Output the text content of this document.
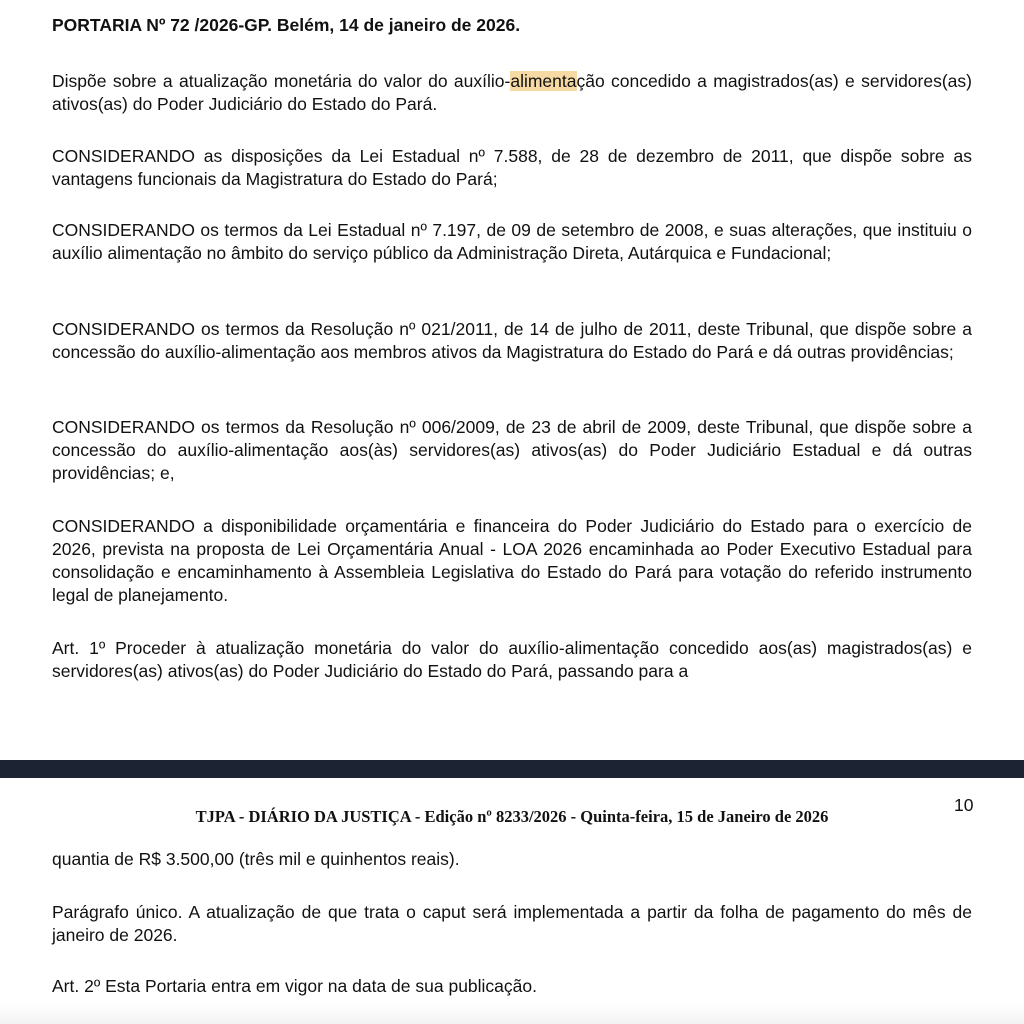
PORTARIA Nº 72 /2026-GP. Belém, 14 de janeiro de 2026.

Dispõe sobre a atualização monetária do valor do auxílio-alimentação concedido a magistrados(as) e servidores(as) ativos(as) do Poder Judiciário do Estado do Pará.

CONSIDERANDO as disposições da Lei Estadual nº 7.588, de 28 de dezembro de 2011, que dispõe sobre as vantagens funcionais da Magistratura do Estado do Pará;

CONSIDERANDO os termos da Lei Estadual nº 7.197, de 09 de setembro de 2008, e suas alterações, que instituiu o auxílio alimentação no âmbito do serviço público da Administração Direta, Autárquica e Fundacional;

CONSIDERANDO os termos da Resolução nº 021/2011, de 14 de julho de 2011, deste Tribunal, que dispõe sobre a concessão do auxílio-alimentação aos membros ativos da Magistratura do Estado do Pará e dá outras providências;

CONSIDERANDO os termos da Resolução nº 006/2009, de 23 de abril de 2009, deste Tribunal, que dispõe sobre a concessão do auxílio-alimentação aos(às) servidores(as) ativos(as) do Poder Judiciário Estadual e dá outras providências; e,

CONSIDERANDO a disponibilidade orçamentária e financeira do Poder Judiciário do Estado para o exercício de 2026, prevista na proposta de Lei Orçamentária Anual - LOA 2026 encaminhada ao Poder Executivo Estadual para consolidação e encaminhamento à Assembleia Legislativa do Estado do Pará para votação do referido instrumento legal de planejamento.

Art. 1º Proceder à atualização monetária do valor do auxílio-alimentação concedido aos(as) magistrados(as) e servidores(as) ativos(as) do Poder Judiciário do Estado do Pará, passando para a

TJPA - DIÁRIO DA JUSTIÇA - Edição nº 8233/2026 - Quinta-feira, 15 de Janeiro de 2026

10

quantia de R$ 3.500,00 (três mil e quinhentos reais).

Parágrafo único. A atualização de que trata o caput será implementada a partir da folha de pagamento do mês de janeiro de 2026.

Art. 2º Esta Portaria entra em vigor na data de sua publicação.
